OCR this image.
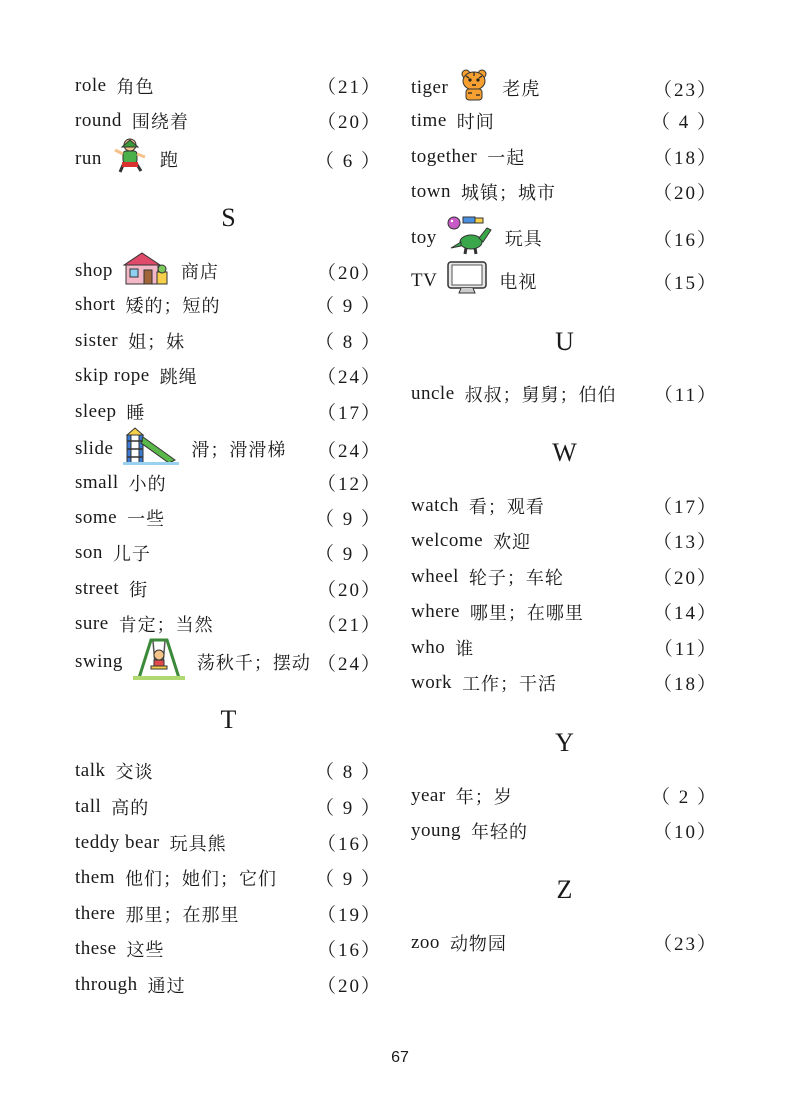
role 角色	（21）
round 围绕着	（20）
run	跑	（ 6 ）
S
shop	商店	（20）
short 矮的；短的	（ 9 ）
sister 姐；妹	（ 8 ）
skip rope 跳绳	（24）
sleep 睡	（17）
slide	滑；滑滑梯 （24）
small 小的	（12）
some 一些	（ 9 ）
son 儿子	（ 9 ）
street 街	（20）
sure 肯定；当然	（21）
swing	荡秋千；摆动 （24）
T
talk 交谈	（ 8 ）
tall 高的	（ 9 ）
teddy bear 玩具熊	（16）
them 他们；她们；它们 （ 9 ）
there 那里；在那里	（19）
these 这些	（16）
through 通过	（20）
tiger	老虎	（23）
time 时间	（ 4 ）
together 一起	（18）
town 城镇；城市	（20）
toy	玩具	（16）
TV	电视	（15）
U
uncle 叔叔；舅舅；伯伯 （11）
W
watch 看；观看	（17）
welcome 欢迎	（13）
wheel 轮子；车轮	（20）
where 哪里；在哪里	（14）
who 谁	（11）
work 工作；干活	（18）
Y
year 年；岁	（ 2 ）
young 年轻的	（10）
Z
zoo 动物园	（23）
67
